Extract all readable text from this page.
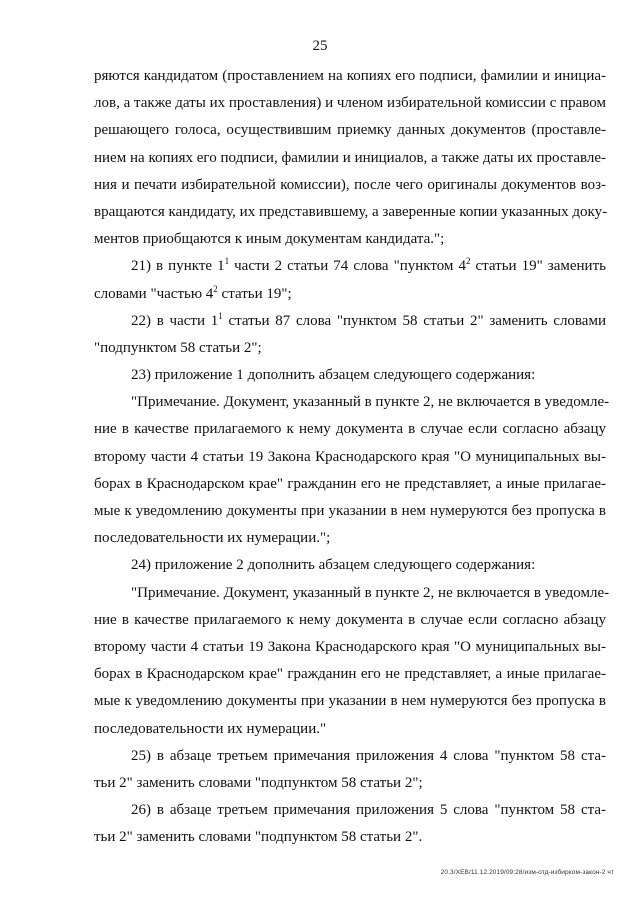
25
ряются кандидатом (проставлением на копиях его подписи, фамилии и инициа-
лов, а также даты их проставления) и членом избирательной комиссии с правом
решающего голоса, осуществившим приемку данных документов (проставле-
нием на копиях его подписи, фамилии и инициалов, а также даты их проставле-
ния и печати избирательной комиссии), после чего оригиналы документов воз-
вращаются кандидату, их представившему, а заверенные копии указанных доку-
ментов приобщаются к иным документам кандидата.";
21) в пункте $1^1$ части 2 статьи 74 слова "пунктом $4^2$ статьи 19" заменить
словами "частью $4^2$ статьи 19";
22) в части $1^1$ статьи 87 слова "пунктом 58 статьи 2" заменить словами
"подпунктом 58 статьи 2";
23) приложение 1 дополнить абзацем следующего содержания:
"Примечание. Документ, указанный в пункте 2, не включается в уведомле-
ние в качестве прилагаемого к нему документа в случае если согласно абзацу
второму части 4 статьи 19 Закона Краснодарского края "О муниципальных вы-
борах в Краснодарском крае" гражданин его не представляет, а иные прилагае-
мые к уведомлению документы при указании в нем нумеруются без пропуска в
последовательности их нумерации.";
24) приложение 2 дополнить абзацем следующего содержания:
"Примечание. Документ, указанный в пункте 2, не включается в уведомле-
ние в качестве прилагаемого к нему документа в случае если согласно абзацу
второму части 4 статьи 19 Закона Краснодарского края "О муниципальных вы-
борах в Краснодарском крае" гражданин его не представляет, а иные прилагае-
мые к уведомлению документы при указании в нем нумеруются без пропуска в
последовательности их нумерации."
25) в абзаце третьем примечания приложения 4 слова "пунктом 58 ста-
тьи 2" заменить словами "подпунктом 58 статьи 2";
26) в абзаце третьем примечания приложения 5 слова "пунктом 58 ста-
тьи 2" заменить словами "подпунктом 58 статьи 2".
20.3/XEB/11.12.2019/09:28/изм-отд-избирком-закон-2 чт
